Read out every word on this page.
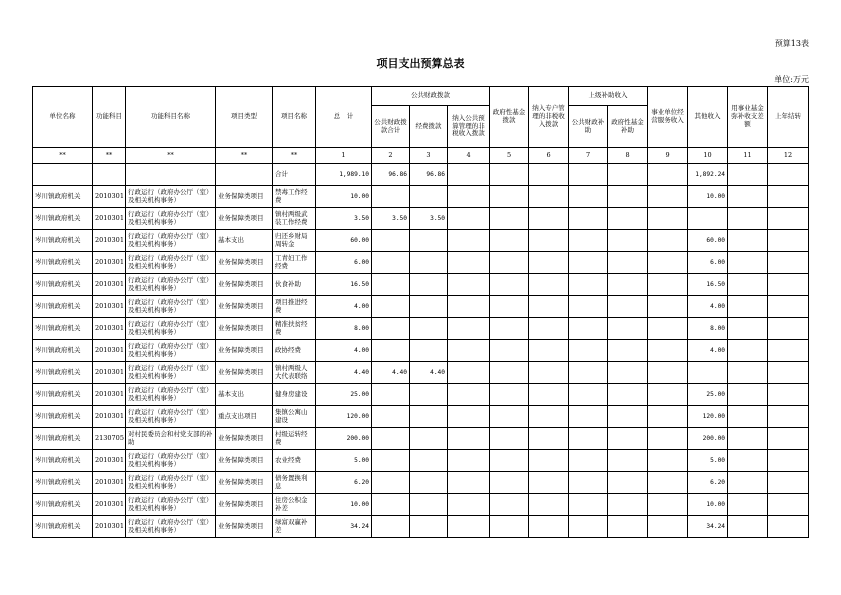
预算13表
项目支出预算总表
单位:万元
单位名称	功能科目	功能科目名称	项目类型	项目名称	总　计	公共财政拨款			政府性基金拨款	纳入专户管理的非税收入拨款	上级补助收入		事业单位经营服务收入	其他收入	用事业基金弥补收支差额	上年结转
						公共财政拨款合计	经费拨款	纳入公共预算管理的非税收入拨款			公共财政补助	政府性基金补助				
**	**	**	**	**	1	2	3	4	5	6	7	8	9	10	11	12
				合计	1,989.10	96.86	96.86							1,892.24		
岑川镇政府机关	2010301	行政运行（政府办公厅（室）及相关机构事务）	业务保障类项目	禁毒工作经费	10.00									10.00		
岑川镇政府机关	2010301	行政运行（政府办公厅（室）及相关机构事务）	业务保障类项目	镇村两级武装工作经费	3.50	3.50	3.50									
岑川镇政府机关	2010301	行政运行（政府办公厅（室）及相关机构事务）	基本支出	归还乡财局周转金	60.00									60.00		
岑川镇政府机关	2010301	行政运行（政府办公厅（室）及相关机构事务）	业务保障类项目	工青妇工作经费	6.00									6.00		
岑川镇政府机关	2010301	行政运行（政府办公厅（室）及相关机构事务）	业务保障类项目	伙食补助	16.50									16.50		
岑川镇政府机关	2010301	行政运行（政府办公厅（室）及相关机构事务）	业务保障类项目	项目推进经费	4.00									4.00		
岑川镇政府机关	2010301	行政运行（政府办公厅（室）及相关机构事务）	业务保障类项目	精准扶贫经费	8.00									8.00		
岑川镇政府机关	2010301	行政运行（政府办公厅（室）及相关机构事务）	业务保障类项目	政协经费	4.00									4.00		
岑川镇政府机关	2010301	行政运行（政府办公厅（室）及相关机构事务）	业务保障类项目	镇村两级人大代表联络	4.40	4.40	4.40									
岑川镇政府机关	2010301	行政运行（政府办公厅（室）及相关机构事务）	基本支出	健身房建设	25.00									25.00		
岑川镇政府机关	2010301	行政运行（政府办公厅（室）及相关机构事务）	重点支出项目	集镇公寓山建设	120.00									120.00		
岑川镇政府机关	2130705	对村民委员会和村党支部的补助	业务保障类项目	村级运转经费	200.00									200.00		
岑川镇政府机关	2010301	行政运行（政府办公厅（室）及相关机构事务）	业务保障类项目	农业经费	5.00									5.00		
岑川镇政府机关	2010301	行政运行（政府办公厅（室）及相关机构事务）	业务保障类项目	债务置换利息	6.20									6.20		
岑川镇政府机关	2010301	行政运行（政府办公厅（室）及相关机构事务）	业务保障类项目	住房公积金补差	10.00									10.00		
岑川镇政府机关	2010301	行政运行（政府办公厅（室）及相关机构事务）	业务保障类项目	绿富双赢补差	34.24									34.24		
